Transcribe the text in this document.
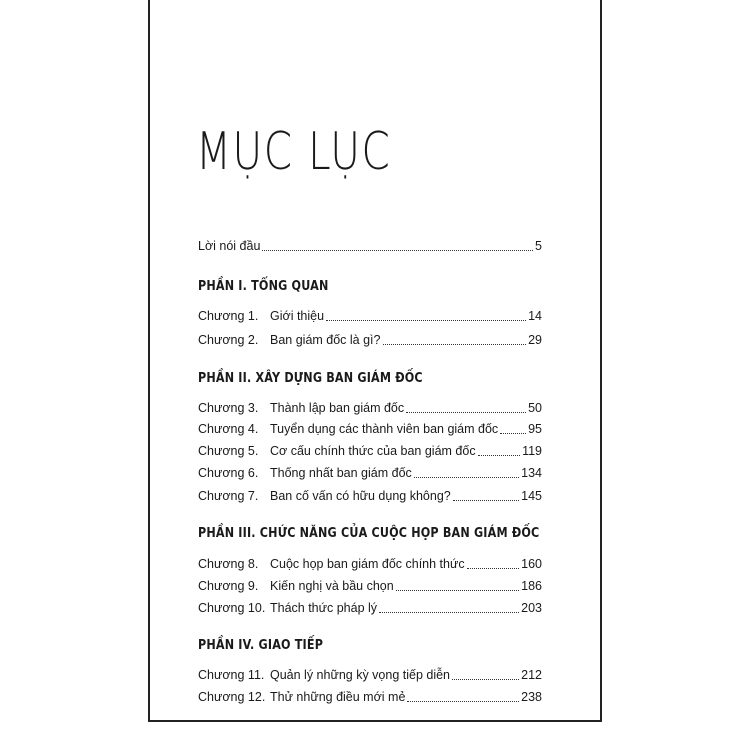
MỤC LỤC
Lời nói đầu	5
PHẦN I. TỔNG QUAN
Chương 1. Giới thiệu	14
Chương 2. Ban giám đốc là gì?	29
PHẦN II. XÂY DỰNG BAN GIÁM ĐỐC
Chương 3. Thành lập ban giám đốc	50
Chương 4. Tuyển dụng các thành viên ban giám đốc 95
Chương 5. Cơ cấu chính thức của ban giám đốc	119
Chương 6. Thống nhất ban giám đốc	134
Chương 7. Ban cố vấn có hữu dụng không?	145
PHẦN III. CHỨC NĂNG CỦA CUỘC HỌP BAN GIÁM ĐỐC
Chương 8. Cuộc họp ban giám đốc chính thức	160
Chương 9. Kiến nghị và bầu chọn	186
Chương 10. Thách thức pháp lý	203
PHẦN IV. GIAO TIẾP
Chương 11. Quản lý những kỳ vọng tiếp diễn	212
Chương 12. Thử những điều mới mẻ	238
